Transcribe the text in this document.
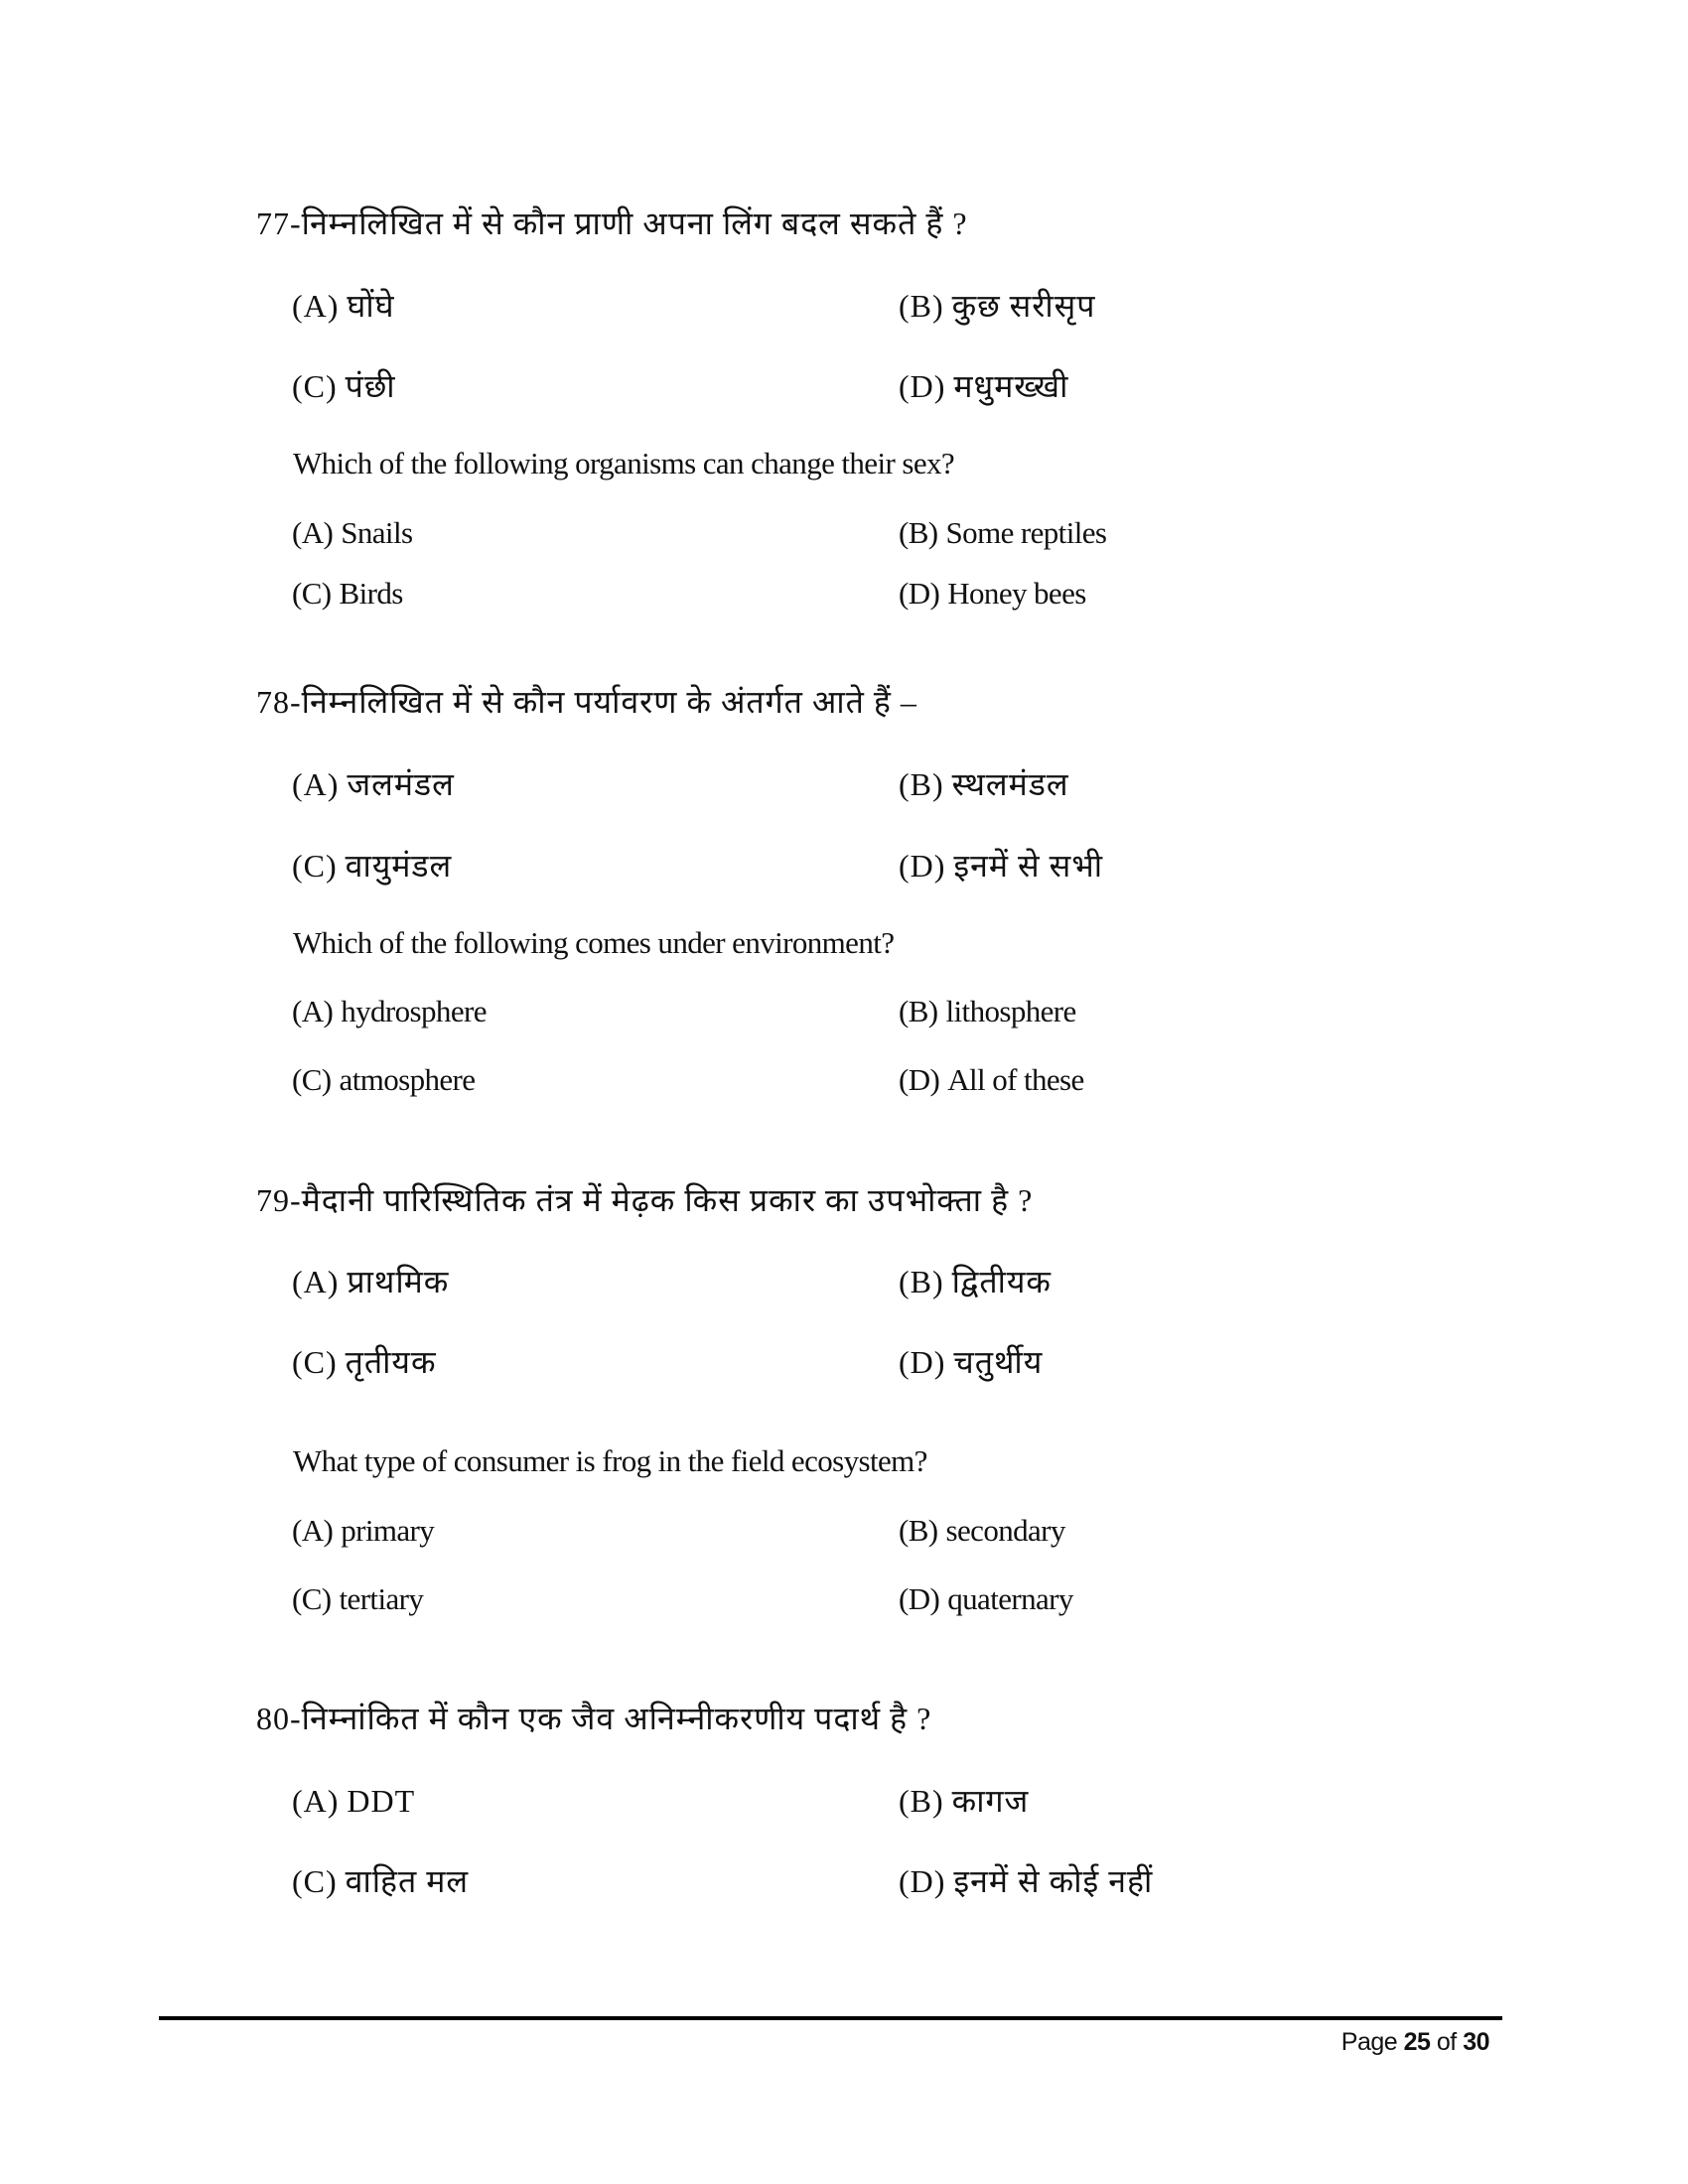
77-निम्नलिखित में से कौन प्राणी अपना लिंग बदल सकते हैं ?
(A) घोंघे	(B) कुछ सरीसृप
(C) पंछी	(D) मधुमख्खी
Which of the following organisms can change their sex?
(A) Snails	(B) Some reptiles
(C) Birds	(D) Honey bees
78-निम्नलिखित में से कौन पर्यावरण के अंतर्गत आते हैं –
(A) जलमंडल	(B) स्थलमंडल
(C) वायुमंडल	(D) इनमें से सभी
Which of the following comes under environment?
(A) hydrosphere	(B) lithosphere
(C) atmosphere	(D) All of these
79-मैदानी पारिस्थितिक तंत्र में मेढ़क किस प्रकार का उपभोक्ता है ?
(A) प्राथमिक	(B) द्वितीयक
(C) तृतीयक	(D) चतुर्थीय
What type of consumer is frog in the field ecosystem?
(A) primary	(B) secondary
(C) tertiary	(D) quaternary
80-निम्नांकित में कौन एक जैव अनिम्नीकरणीय पदार्थ है ?
(A) DDT	(B) कागज
(C) वाहित मल	(D) इनमें से कोई नहीं
Page 25 of 30
